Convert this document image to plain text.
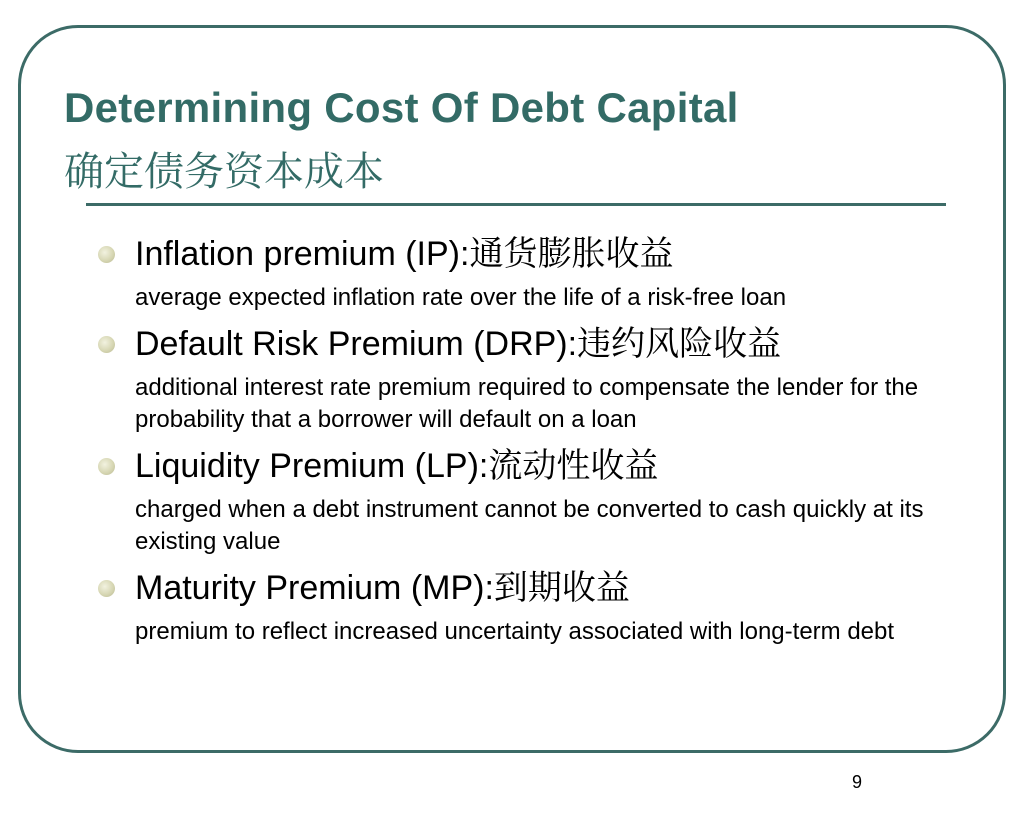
Determining Cost Of Debt Capital
确定债务资本成本
Inflation premium (IP):通货膨胀收益
average expected inflation rate over the life of a risk-free loan
Default Risk Premium (DRP):违约风险收益
additional interest rate premium required to compensate the lender for the probability that a borrower will default on a loan
Liquidity Premium (LP):流动性收益
charged when a debt instrument cannot be converted to cash quickly at its existing value
Maturity Premium (MP):到期收益
premium to reflect increased uncertainty associated with long-term debt
9
